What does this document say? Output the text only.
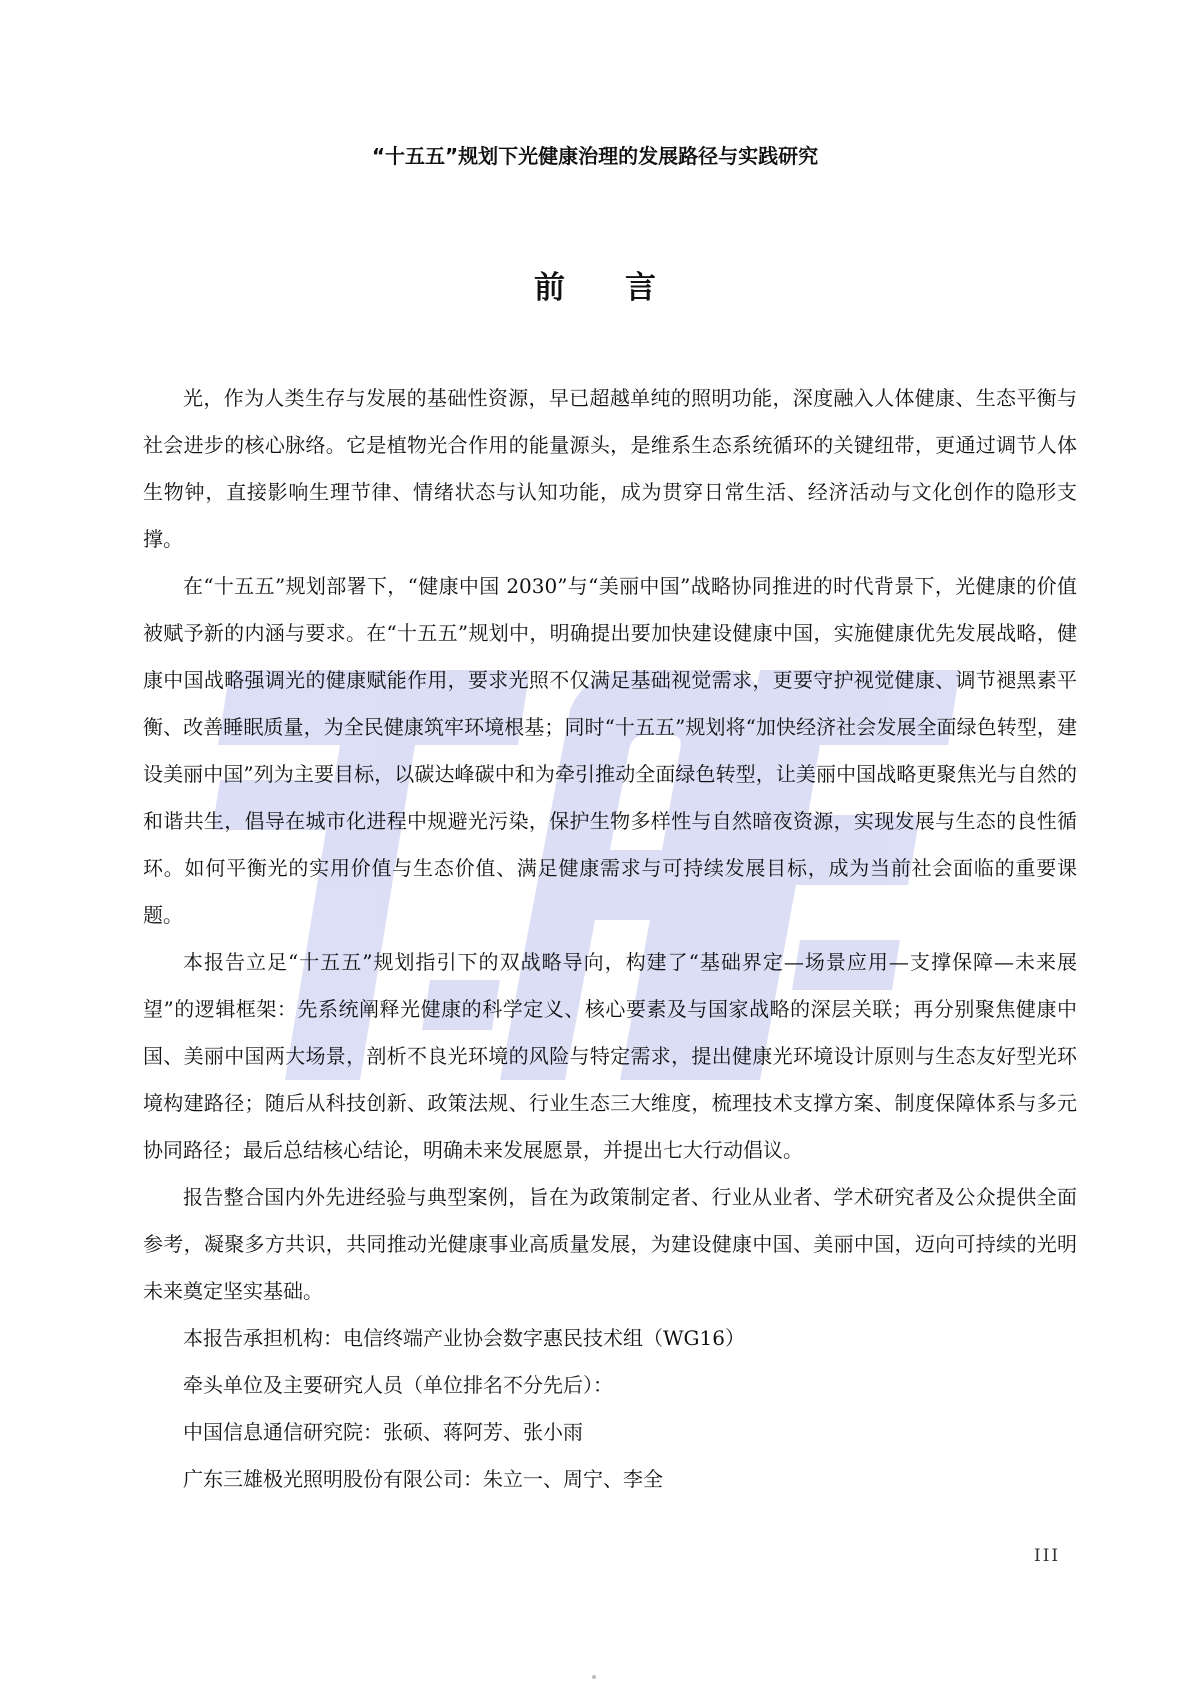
“十五五”规划下光健康治理的发展路径与实践研究
前 言

光，作为人类生存与发展的基础性资源，早已超越单纯的照明功能，深度融入人体健康、生态平衡与社会进步的核心脉络。它是植物光合作用的能量源头，是维系生态系统循环的关键纽带，更通过调节人体生物钟，直接影响生理节律、情绪状态与认知功能，成为贯穿日常生活、经济活动与文化创作的隐形支撑。

在“十五五”规划部署下，“健康中国 2030”与“美丽中国”战略协同推进的时代背景下，光健康的价值被赋予新的内涵与要求。在“十五五”规划中，明确提出要加快建设健康中国，实施健康优先发展战略，健康中国战略强调光的健康赋能作用，要求光照不仅满足基础视觉需求，更要守护视觉健康、调节褪黑素平衡、改善睡眠质量，为全民健康筑牢环境根基；同时“十五五”规划将“加快经济社会发展全面绿色转型，建设美丽中国”列为主要目标，以碳达峰碳中和为牵引推动全面绿色转型，让美丽中国战略更聚焦光与自然的和谐共生，倡导在城市化进程中规避光污染，保护生物多样性与自然暗夜资源，实现发展与生态的良性循环。如何平衡光的实用价值与生态价值、满足健康需求与可持续发展目标，成为当前社会面临的重要课题。

本报告立足“十五五”规划指引下的双战略导向，构建了“基础界定—场景应用—支撑保障—未来展望”的逻辑框架：先系统阐释光健康的科学定义、核心要素及与国家战略的深层关联；再分别聚焦健康中国、美丽中国两大场景，剖析不良光环境的风险与特定需求，提出健康光环境设计原则与生态友好型光环境构建路径；随后从科技创新、政策法规、行业生态三大维度，梳理技术支撑方案、制度保障体系与多元协同路径；最后总结核心结论，明确未来发展愿景，并提出七大行动倡议。

报告整合国内外先进经验与典型案例，旨在为政策制定者、行业从业者、学术研究者及公众提供全面参考，凝聚多方共识，共同推动光健康事业高质量发展，为建设健康中国、美丽中国，迈向可持续的光明未来奠定坚实基础。

本报告承担机构：电信终端产业协会数字惠民技术组（WG16）

牵头单位及主要研究人员（单位排名不分先后）：

中国信息通信研究院：张硕、蒋阿芳、张小雨

广东三雄极光照明股份有限公司：朱立一、周宁、李全

III
